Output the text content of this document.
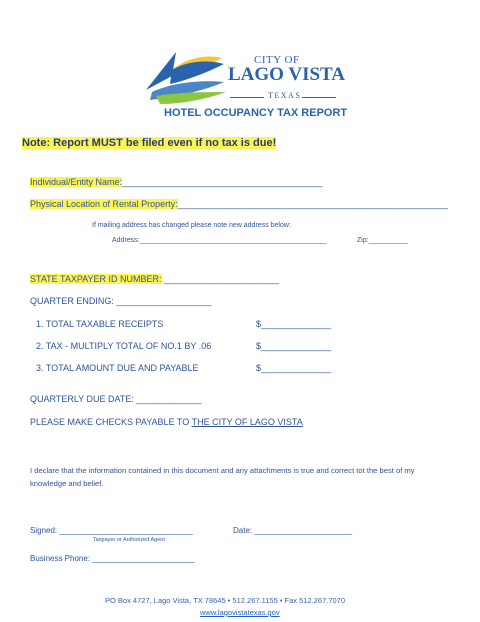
CITY OF
LAGO VISTA
TEXAS
HOTEL OCCUPANCY TAX REPORT
Note: Report MUST be filed even if no tax is due!
Individual/Entity Name:________________________________________
Physical Location of Rental Property:______________________________________________________
If mailing address has changed please note new address below:
Address:________________________________________________	Zip:__________
STATE TAXPAYER ID NUMBER: _______________________
QUARTER ENDING: ___________________
1. TOTAL TAXABLE RECEIPTS	$______________
2. TAX - MULTIPLY TOTAL OF NO.1 BY .06	$______________
3. TOTAL AMOUNT DUE AND PAYABLE	$______________
QUARTERLY DUE DATE: _____________
PLEASE MAKE CHECKS PAYABLE TO THE CITY OF LAGO VISTA
I declare that the information contained in this document and any attachments is true and correct tot the best of my
knowledge and belief.
Signed: ______________________________
Taxpayer or Authorized Agent
Date: ______________________
Business Phone: _______________________
PO Box 4727, Lago Vista, TX 78645 • 512.267.1155 • Fax 512.267.7070
www.lagovistatexas.gov
